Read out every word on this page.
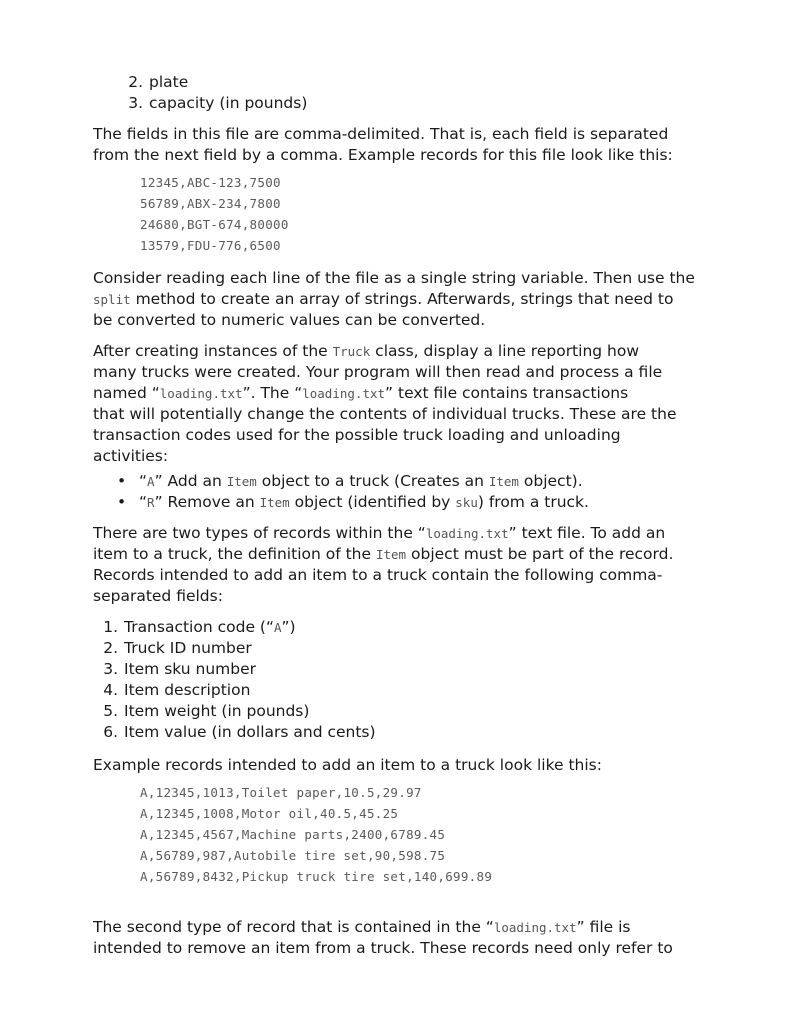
2. plate
3. capacity (in pounds)
The fields in this file are comma-delimited. That is, each field is separated
from the next field by a comma. Example records for this file look like this:
12345,ABC-123,7500
56789,ABX-234,7800
24680,BGT-674,80000
13579,FDU-776,6500
Consider reading each line of the file as a single string variable. Then use the
split method to create an array of strings. Afterwards, strings that need to
be converted to numeric values can be converted.
After creating instances of the Truck class, display a line reporting how
many trucks were created. Your program will then read and process a file
named “loading.txt”. The “loading.txt” text file contains transactions
that will potentially change the contents of individual trucks. These are the
transaction codes used for the possible truck loading and unloading
activities:
• “A” Add an Item object to a truck (Creates an Item object).
• “R” Remove an Item object (identified by sku) from a truck.
There are two types of records within the “loading.txt” text file. To add an
item to a truck, the definition of the Item object must be part of the record.
Records intended to add an item to a truck contain the following comma-
separated fields:
1. Transaction code (“A”)
2. Truck ID number
3. Item sku number
4. Item description
5. Item weight (in pounds)
6. Item value (in dollars and cents)
Example records intended to add an item to a truck look like this:
A,12345,1013,Toilet paper,10.5,29.97
A,12345,1008,Motor oil,40.5,45.25
A,12345,4567,Machine parts,2400,6789.45
A,56789,987,Autobile tire set,90,598.75
A,56789,8432,Pickup truck tire set,140,699.89
The second type of record that is contained in the “loading.txt” file is
intended to remove an item from a truck. These records need only refer to
